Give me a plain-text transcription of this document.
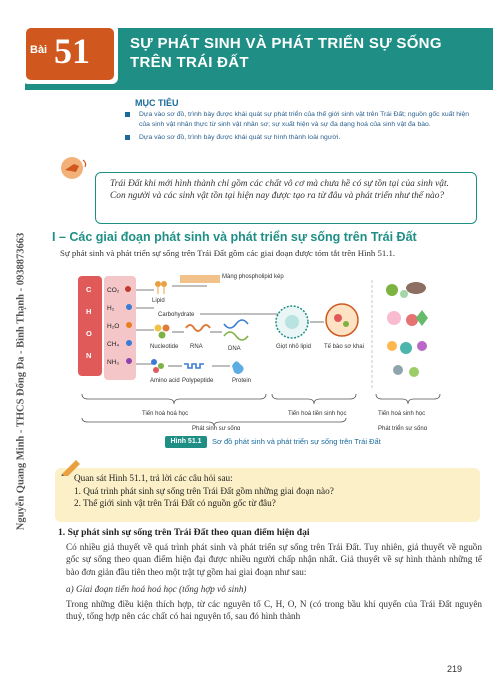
Bài 51	SỰ PHÁT SINH VÀ PHÁT TRIỂN SỰ SỐNG
TRÊN TRÁI ĐẤT
Nguyễn Quang Minh - THCS Đống Đa - Bình Thạnh - 0938873663
MỤC TIÊU
Dựa vào sơ đồ, trình bày được khái quát sự phát triển của thế giới sinh vật trên Trái Đất; nguồn gốc xuất hiện của sinh vật nhân thực từ sinh vật nhân sơ; sự xuất hiện và sự đa dạng hoá của sinh vật đa bào.
Dựa vào sơ đồ, trình bày được khái quát sự hình thành loài người.
Trái Đất khi mới hình thành chỉ gồm các chất vô cơ mà chưa hề có sự tồn tại của sinh vật. Con người và các sinh vật tồn tại hiện nay được tạo ra từ đâu và phát triển như thế nào?
I – Các giai đoạn phát sinh và phát triển sự sống trên Trái Đất
Sự phát sinh và phát triển sự sống trên Trái Đất gồm các giai đoạn được tóm tắt trên Hình 51.1.
C
H
O
N
CO₂
H₂
H₂O
CH₄
NH₃
Lipid
Màng phospholipid kép
Carbohydrate
Nucleotide RNA	DNA
Amino acid Polypeptide	Protein
Giọt nhỏ lipid Tế bào sơ khai
Tiến hoá hoá học	Tiến hoá tiền sinh học	Tiến hoá sinh học
Phát sinh sự sống	Phát triển sự sống
Hình 51.1	Sơ đồ phát sinh và phát triển sự sống trên Trái Đất
Quan sát Hình 51.1, trả lời các câu hỏi sau:
1. Quá trình phát sinh sự sống trên Trái Đất gồm những giai đoạn nào?
2. Thế giới sinh vật trên Trái Đất có nguồn gốc từ đâu?
1. Sự phát sinh sự sống trên Trái Đất theo quan điểm hiện đại
Có nhiều giả thuyết về quá trình phát sinh và phát triển sự sống trên Trái Đất. Tuy nhiên, giả thuyết về nguồn gốc sự sống theo quan điểm hiện đại được nhiều người chấp nhận nhất. Giả thuyết về sự hình thành những tế bào đơn giản đầu tiên theo một trật tự gồm hai giai đoạn như sau:
a) Giai đoạn tiến hoá hoá học (tổng hợp vô sinh)
Trong những điều kiện thích hợp, từ các nguyên tố C, H, O, N (có trong bầu khí quyển của Trái Đất nguyên thuỷ, tổng hợp nên các chất có hai nguyên tố, sau đó hình thành
219
